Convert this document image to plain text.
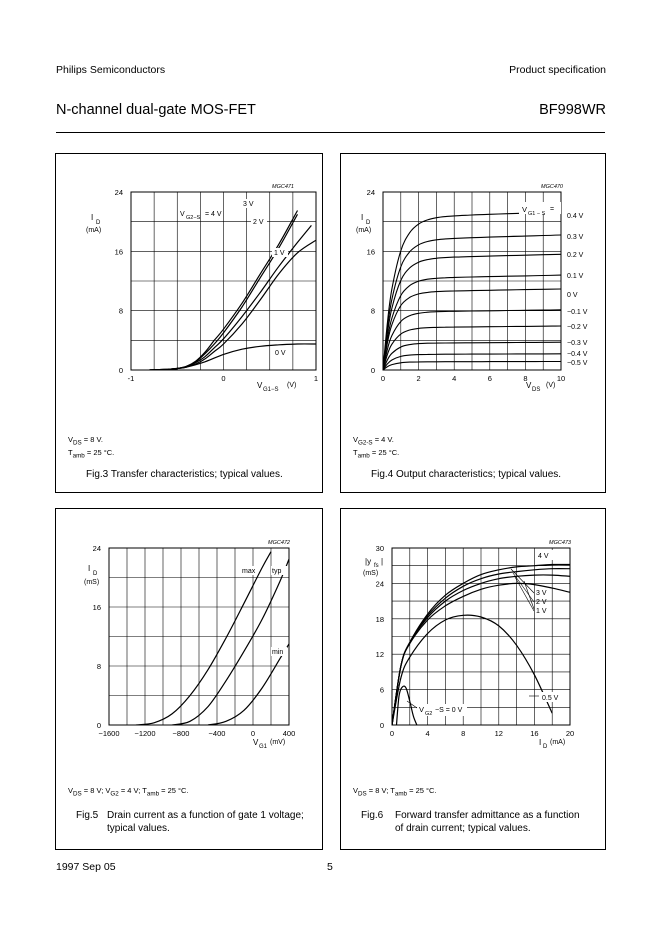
Philips Semiconductors	Product specification
N-channel dual-gate MOS-FET	BF998WR
MGC471
-1	0	1
0
8
16
24
I
D
(mA)
V G1−S
(V)
V G2−S = 4 V
3 V
2 V
1 V
0 V
$V_{DS} = 8$ V.
$T_{amb} = 25$ °C.
Fig.3 Transfer characteristics; typical values.
MGC470
0	2	4	6	8	10
0
8
16
24
I
D
(mA)
V DS
(V)
V G1 − S
=
0.4 V
0.3 V
0.2 V
0.1 V
0 V
−0.1 V
−0.2 V
−0.3 V
−0.4 V
−0.5 V
$V_{G2-S} = 4$ V.
$T_{amb} = 25$ °C.
Fig.4 Output characteristics; typical values.
MGC472
−1600 −1200 −800	−400	0	400
0
8
16
24
I
D
(mS)
V G1
(mV)
max typ
min
$V_{DS} = 8$ V; $V_{G2} = 4$ V; $T_{amb} = 25$ °C.
Fig.5 Drain current as a function of gate 1 voltage;
typical values.
MGC473
0	4	8	12	16	20
0
6
12
18
24
30
|y fs |
(mS)
I D
(mA)
4 V
3 V
2 V
1 V
0.5 V
V G2 −S = 0 V
$V_{DS} = 8$ V; $T_{amb} = 25$ °C.
Fig.6 Forward transfer admittance as a function
of drain current; typical values.
1997 Sep 05	5
